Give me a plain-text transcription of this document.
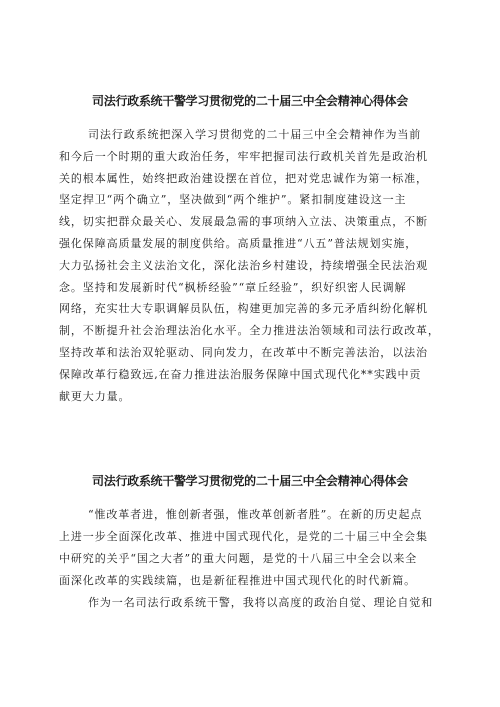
司法行政系统干警学习贯彻党的二十届三中全会精神心得体会

司法行政系统把深入学习贯彻党的二十届三中全会精神作为当前

和今后一个时期的重大政治任务，牢牢把握司法行政机关首先是政治机

关的根本属性，始终把政治建设摆在首位，把对党忠诚作为第一标准，

坚定捍卫“两个确立”，坚决做到“两个维护”。紧扣制度建设这一主

线，切实把群众最关心、发展最急需的事项纳入立法、决策重点，不断

强化保障高质量发展的制度供给。高质量推进“八五”普法规划实施，

大力弘扬社会主义法治文化，深化法治乡村建设，持续增强全民法治观

念。坚持和发展新时代“枫桥经验”“章丘经验”，织好织密人民调解

网络，充实壮大专职调解员队伍，构建更加完善的多元矛盾纠纷化解机

制，不断提升社会治理法治化水平。全力推进法治领域和司法行政改革，

坚持改革和法治双轮驱动、同向发力，在改革中不断完善法治，以法治

保障改革行稳致远,在奋力推进法治服务保障中国式现代化**实践中贡

献更大力量。

司法行政系统干警学习贯彻党的二十届三中全会精神心得体会

“惟改革者进，惟创新者强，惟改革创新者胜”。在新的历史起点

上进一步全面深化改革、推进中国式现代化，是党的二十届三中全会集

中研究的关乎“国之大者”的重大问题，是党的十八届三中全会以来全

面深化改革的实践续篇，也是新征程推进中国式现代化的时代新篇。

作为一名司法行政系统干警，我将以高度的政治自觉、理论自觉和
